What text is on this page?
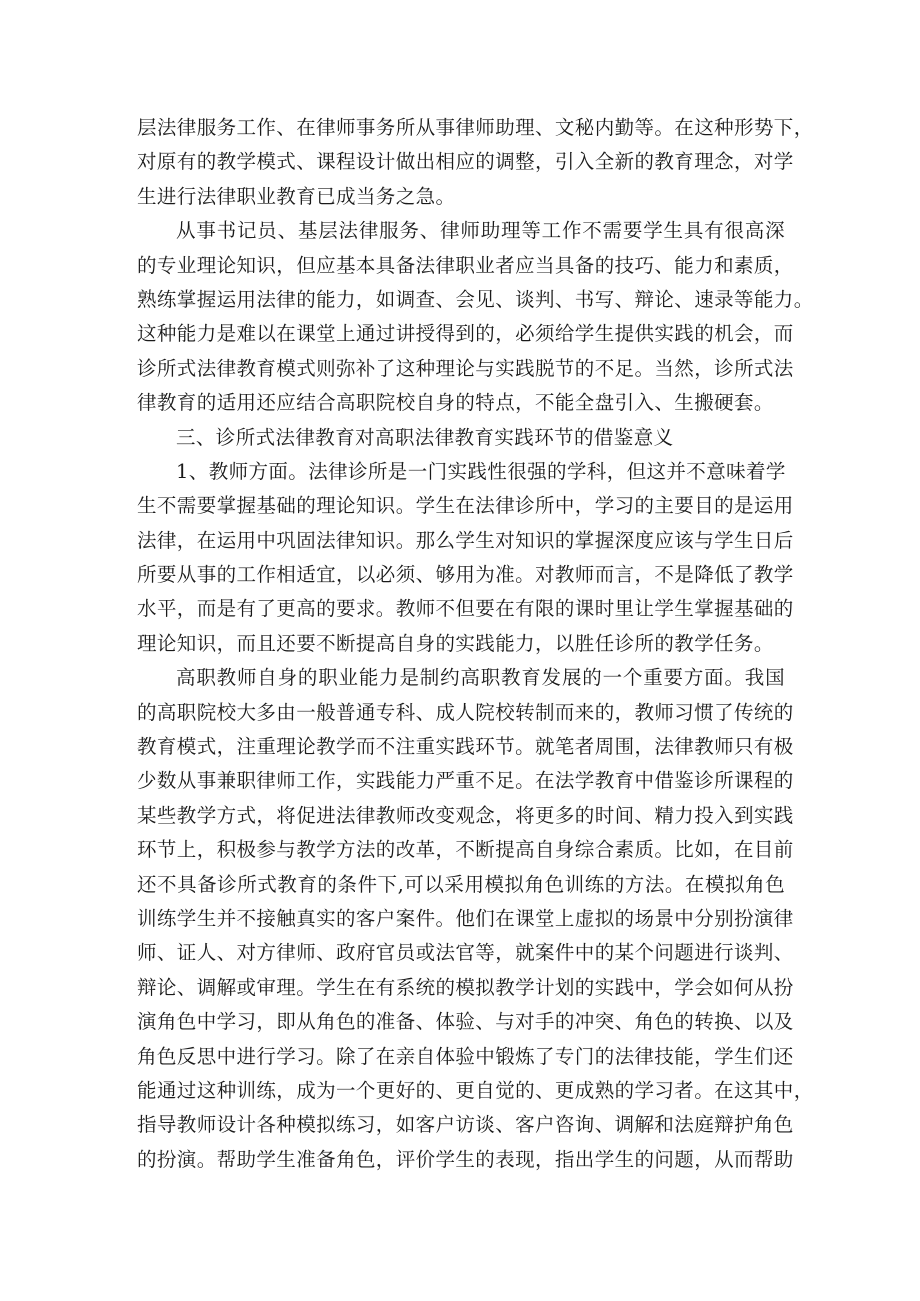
层法律服务工作、在律师事务所从事律师助理、文秘内勤等。在这种形势下，
对原有的教学模式、课程设计做出相应的调整，引入全新的教育理念，对学
生进行法律职业教育已成当务之急。
从事书记员、基层法律服务、律师助理等工作不需要学生具有很高深
的专业理论知识，但应基本具备法律职业者应当具备的技巧、能力和素质，
熟练掌握运用法律的能力，如调查、会见、谈判、书写、辩论、速录等能力。
这种能力是难以在课堂上通过讲授得到的，必须给学生提供实践的机会，而
诊所式法律教育模式则弥补了这种理论与实践脱节的不足。当然，诊所式法
律教育的适用还应结合高职院校自身的特点，不能全盘引入、生搬硬套。
三、诊所式法律教育对高职法律教育实践环节的借鉴意义
1、教师方面。法律诊所是一门实践性很强的学科，但这并不意味着学
生不需要掌握基础的理论知识。学生在法律诊所中，学习的主要目的是运用
法律，在运用中巩固法律知识。那么学生对知识的掌握深度应该与学生日后
所要从事的工作相适宜，以必须、够用为准。对教师而言，不是降低了教学
水平，而是有了更高的要求。教师不但要在有限的课时里让学生掌握基础的
理论知识，而且还要不断提高自身的实践能力，以胜任诊所的教学任务。
高职教师自身的职业能力是制约高职教育发展的一个重要方面。我国
的高职院校大多由一般普通专科、成人院校转制而来的，教师习惯了传统的
教育模式，注重理论教学而不注重实践环节。就笔者周围，法律教师只有极
少数从事兼职律师工作，实践能力严重不足。在法学教育中借鉴诊所课程的
某些教学方式，将促进法律教师改变观念，将更多的时间、精力投入到实践
环节上，积极参与教学方法的改革，不断提高自身综合素质。比如，在目前
还不具备诊所式教育的条件下,可以采用模拟角色训练的方法。在模拟角色
训练学生并不接触真实的客户案件。他们在课堂上虚拟的场景中分别扮演律
师、证人、对方律师、政府官员或法官等，就案件中的某个问题进行谈判、
辩论、调解或审理。学生在有系统的模拟教学计划的实践中，学会如何从扮
演角色中学习，即从角色的准备、体验、与对手的冲突、角色的转换、以及
角色反思中进行学习。除了在亲自体验中锻炼了专门的法律技能，学生们还
能通过这种训练，成为一个更好的、更自觉的、更成熟的学习者。在这其中，
指导教师设计各种模拟练习，如客户访谈、客户咨询、调解和法庭辩护角色
的扮演。帮助学生准备角色，评价学生的表现，指出学生的问题，从而帮助
